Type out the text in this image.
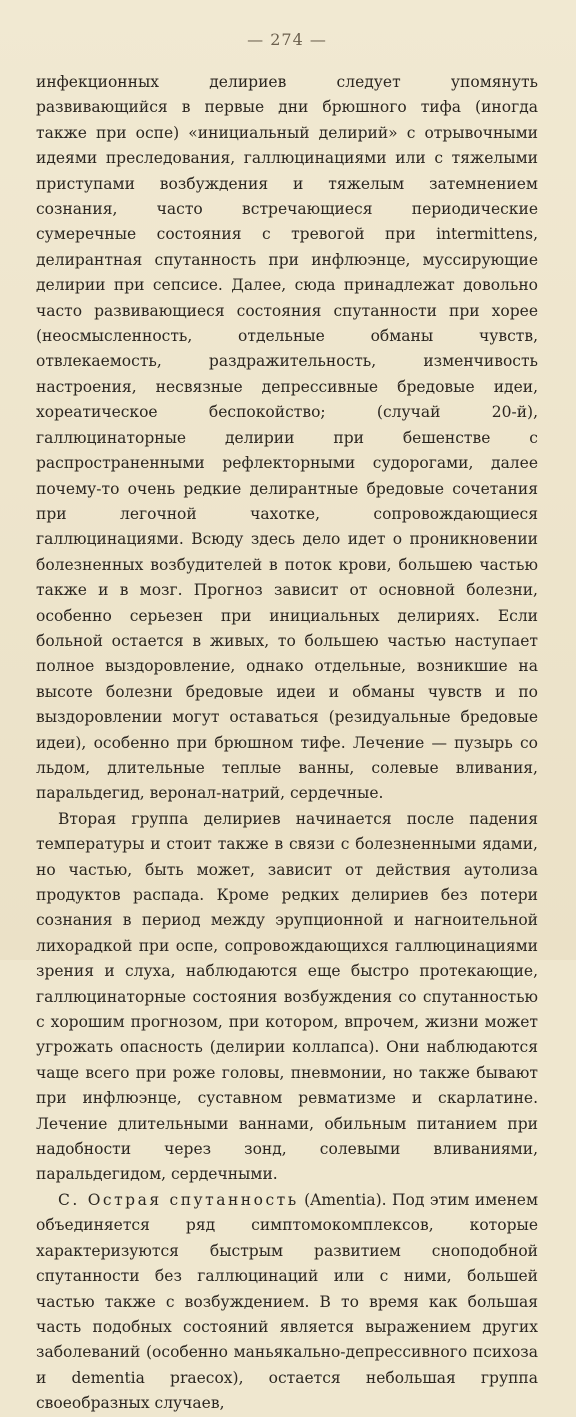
— 274 —

инфекционных делириев следует упомянуть развивающийся в первые дни брюшного тифа (иногда также при оспе) «инициальный делирий» с отрывочными идеями преследования, галлюцинациями или с тяжелыми приступами возбуждения и тяжелым затемнением сознания, часто встречающиеся периодические сумеречные состояния с тревогой при intermittens, делирантная спутанность при инфлюэнце, муссирующие делирии при сепсисе. Далее, сюда принадлежат довольно часто развивающиеся состояния спутанности при хорее (неосмысленность, отдельные обманы чувств, отвлекаемость, раздражительность, изменчивость настроения, несвязные депрессивные бредовые идеи, хореатическое беспокойство; (случай 20-й), галлюцинаторные делирии при бешенстве с распространенными рефлекторными судорогами, далее почему-то очень редкие делирантные бредовые сочетания при легочной чахотке, сопровождающиеся галлюцинациями. Всюду здесь дело идет о проникновении болезненных возбудителей в поток крови, большею частью также и в мозг. Прогноз зависит от основной болезни, особенно серьезен при инициальных делириях. Если больной остается в живых, то большею частью наступает полное выздоровление, однако отдельные, возникшие на высоте болезни бредовые идеи и обманы чувств и по выздоровлении могут оставаться (резидуальные бредовые идеи), особенно при брюшном тифе. Лечение — пузырь со льдом, длительные теплые ванны, солевые вливания, паральдегид, веронал-натрий, сердечные.

Вторая группа делириев начинается после падения температуры и стоит также в связи с болезненными ядами, но частью, быть может, зависит от действия аутолиза продуктов распада. Кроме редких делириев без потери сознания в период между эрупционной и нагноительной лихорадкой при оспе, сопровождающихся галлюцинациями зрения и слуха, наблюдаются еще быстро протекающие, галлюцинаторные состояния возбуждения со спутанностью с хорошим прогнозом, при котором, впрочем, жизни может угрожать опасность (делирии коллапса). Они наблюдаются чаще всего при роже головы, пневмонии, но также бывают при инфлюэнце, суставном ревматизме и скарлатине. Лечение длительными ваннами, обильным питанием при надобности через зонд, солевыми вливаниями, паральдегидом, сердечными.

С. Острая спутанность (Amentia). Под этим именем объединяется ряд симптомокомплексов, которые характеризуются быстрым развитием сноподобной спутанности без галлюцинаций или с ними, большей частью также с возбуждением. В то время как большая часть подобных состояний является выражением других заболеваний (особенно маньякально-депрессивного психоза и dementia praecox), остается небольшая группа своеобразных случаев,
